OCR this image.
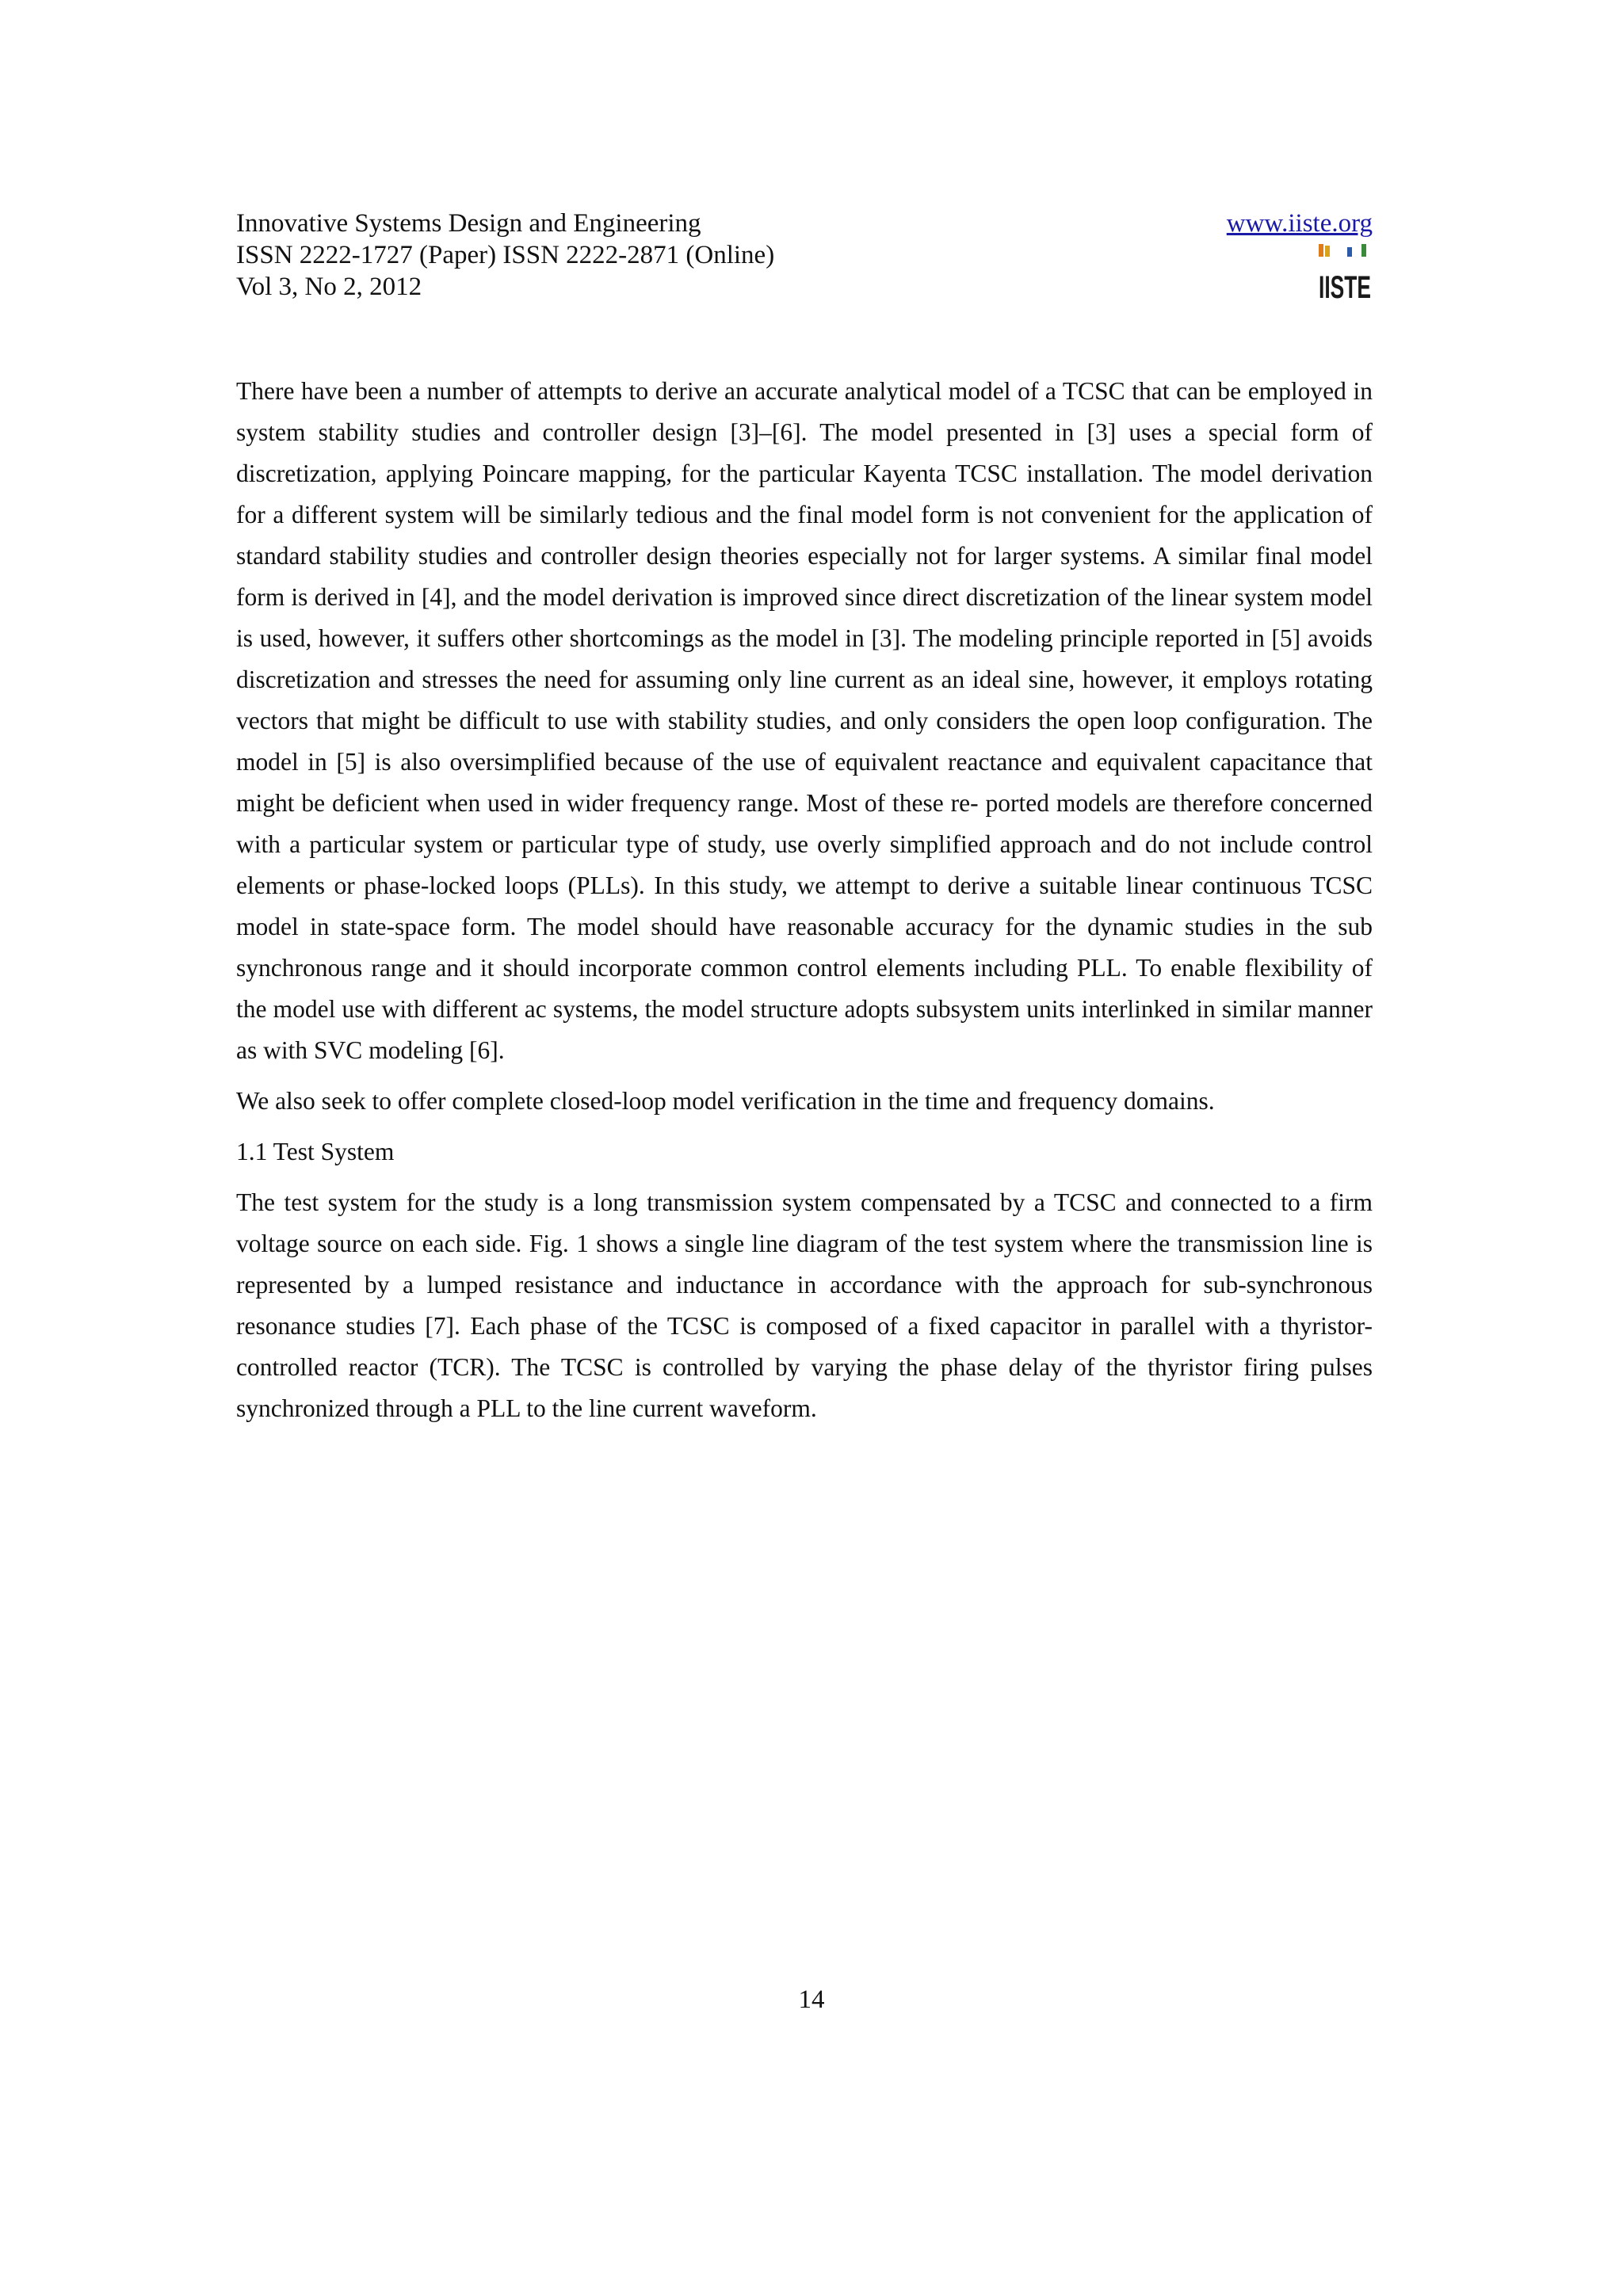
Innovative Systems Design and Engineering
ISSN 2222-1727 (Paper) ISSN 2222-2871 (Online)
Vol 3, No 2, 2012
www.iiste.org
IISTE

There have been a number of attempts to derive an accurate analytical model of a TCSC that can be employed in system stability studies and controller design [3]–[6]. The model presented in [3] uses a special form of discretization, applying Poincare mapping, for the particular Kayenta TCSC installation. The model derivation for a different system will be similarly tedious and the final model form is not convenient for the application of standard stability studies and controller design theories especially not for larger systems. A similar final model form is derived in [4], and the model derivation is improved since direct discretization of the linear system model is used, however, it suffers other shortcomings as the model in [3]. The modeling principle reported in [5] avoids discretization and stresses the need for assuming only line current as an ideal sine, however, it employs rotating vectors that might be difficult to use with stability studies, and only considers the open loop configuration. The model in [5] is also oversimplified because of the use of equivalent reactance and equivalent capacitance that might be deficient when used in wider frequency range. Most of these re- ported models are therefore concerned with a particular system or particular type of study, use overly simplified approach and do not include control elements or phase-locked loops (PLLs). In this study, we attempt to derive a suitable linear continuous TCSC model in state-space form. The model should have reasonable accuracy for the dynamic studies in the sub synchronous range and it should incorporate common control elements including PLL. To enable flexibility of the model use with different ac systems, the model structure adopts subsystem units interlinked in similar manner as with SVC modeling [6].

We also seek to offer complete closed-loop model verification in the time and frequency domains.

1.1 Test System

The test system for the study is a long transmission system compensated by a TCSC and connected to a firm voltage source on each side. Fig. 1 shows a single line diagram of the test system where the transmission line is represented by a lumped resistance and inductance in accordance with the approach for sub-synchronous resonance studies [7]. Each phase of the TCSC is composed of a fixed capacitor in parallel with a thyristor-controlled reactor (TCR). The TCSC is controlled by varying the phase delay of the thyristor firing pulses synchronized through a PLL to the line current waveform.

14
